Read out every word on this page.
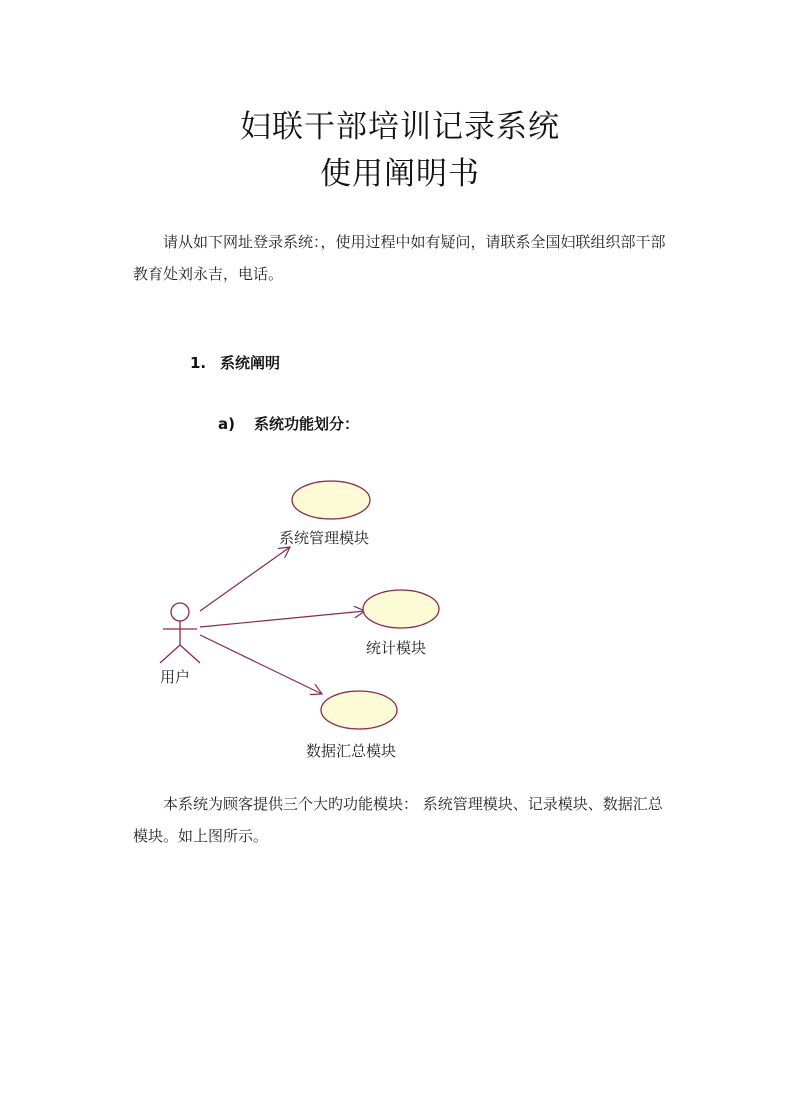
妇联干部培训记录系统
使用阐明书
请从如下网址登录系统：，使用过程中如有疑问，请联系全国妇联组织部干部
教育处刘永吉，电话。
1. 系统阐明
a)	系统功能划分：
用户
系统管理模块
统计模块
数据汇总模块
本系统为顾客提供三个大旳功能模块： 系统管理模块、记录模块、数据汇总
模块。如上图所示。
